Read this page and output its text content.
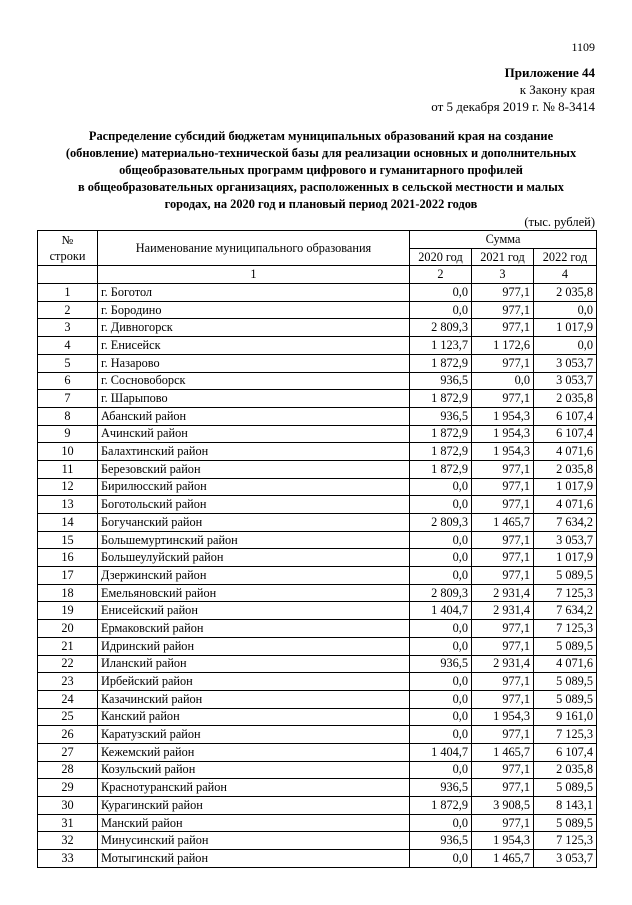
1109
Приложение 44
к Закону края
от 5 декабря 2019 г. № 8-3414
Распределение субсидий бюджетам муниципальных образований края на создание
(обновление) материально-технической базы для реализации основных и дополнительных
общеобразовательных программ цифрового и гуманитарного профилей
в общеобразовательных организациях, расположенных в сельской местности и малых
городах, на 2020 год и плановый период 2021-2022 годов
(тыс. рублей)
№
строки	Наименование муниципального образования	Сумма		
		2020 год	2021 год	2022 год
	1	2	3	4
1	г. Боготол	0,0	977,1	2 035,8
2	г. Бородино	0,0	977,1	0,0
3	г. Дивногорск	2 809,3	977,1	1 017,9
4	г. Енисейск	1 123,7	1 172,6	0,0
5	г. Назарово	1 872,9	977,1	3 053,7
6	г. Сосновоборск	936,5	0,0	3 053,7
7	г. Шарыпово	1 872,9	977,1	2 035,8
8	Абанский район	936,5	1 954,3	6 107,4
9	Ачинский район	1 872,9	1 954,3	6 107,4
10	Балахтинский район	1 872,9	1 954,3	4 071,6
11	Березовский район	1 872,9	977,1	2 035,8
12	Бирилюсский район	0,0	977,1	1 017,9
13	Боготольский район	0,0	977,1	4 071,6
14	Богучанский район	2 809,3	1 465,7	7 634,2
15	Большемуртинский район	0,0	977,1	3 053,7
16	Большеулуйский район	0,0	977,1	1 017,9
17	Дзержинский район	0,0	977,1	5 089,5
18	Емельяновский район	2 809,3	2 931,4	7 125,3
19	Енисейский район	1 404,7	2 931,4	7 634,2
20	Ермаковский район	0,0	977,1	7 125,3
21	Идринский район	0,0	977,1	5 089,5
22	Иланский район	936,5	2 931,4	4 071,6
23	Ирбейский район	0,0	977,1	5 089,5
24	Казачинский район	0,0	977,1	5 089,5
25	Канский район	0,0	1 954,3	9 161,0
26	Каратузский район	0,0	977,1	7 125,3
27	Кежемский район	1 404,7	1 465,7	6 107,4
28	Козульский район	0,0	977,1	2 035,8
29	Краснотуранский район	936,5	977,1	5 089,5
30	Курагинский район	1 872,9	3 908,5	8 143,1
31	Манский район	0,0	977,1	5 089,5
32	Минусинский район	936,5	1 954,3	7 125,3
33	Мотыгинский район	0,0	1 465,7	3 053,7
